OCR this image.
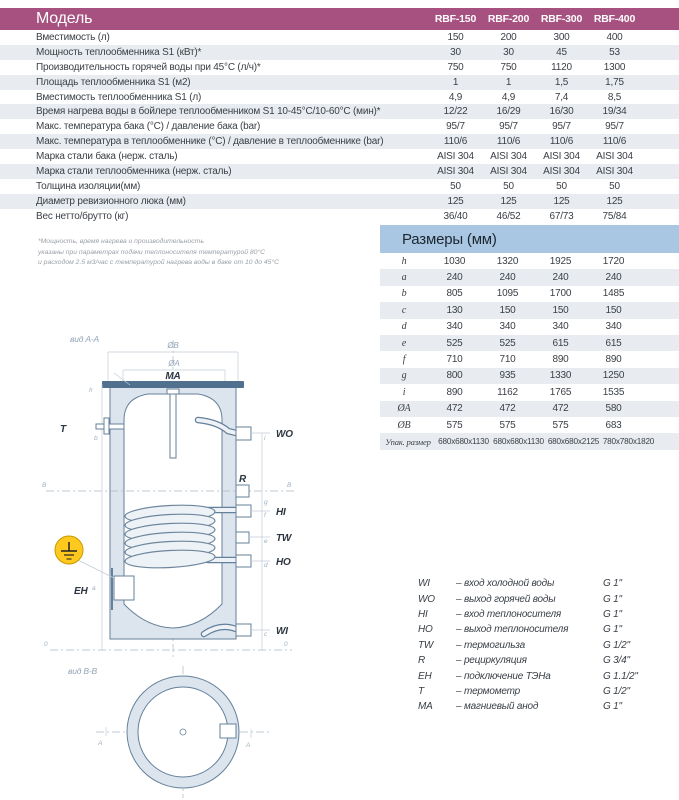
Модель	RBF-150	RBF-200	RBF-300	RBF-400
Вместимость (л)	150	200	300	400
Мощность теплообменника S1 (кВт)*	30	30	45	53
Производительность горячей воды при 45°С (л/ч)*	750	750	1120	1300
Площадь теплообменника S1 (м2)	1	1	1,5	1,75
Вместимость теплообменника S1 (л)	4,9	4,9	7,4	8,5
Время нагрева воды в бойлере теплообменником S1 10-45°С/10-60°С (мин)*	12/22	16/29	16/30	19/34
Макс. температура бака (°С) / давление бака (bar)	95/7	95/7	95/7	95/7
Макс. температура в теплообменнике (°С) / давление в теплообменнике (bar)	110/6	110/6	110/6	110/6
Марка стали бака (нерж. сталь)	AISI 304	AISI 304	AISI 304	AISI 304
Марка стали теплообменника (нерж. сталь)	AISI 304	AISI 304	AISI 304	AISI 304
Толщина изоляции(мм)	50	50	50	50
Диаметр ревизионного люка (мм)	125	125	125	125
Вес нетто/брутто (кг)	36/40	46/52	67/73	75/84
*Мощность, время нагрева и производительность
указаны при параметрах подачи теплоносителя температурой 80°С
и расходом 2.5 м3/час с температурой нагрева воды в баке от 10 до 45°С
Размеры (мм)
h	1030	1320	1925	1720
a	240	240	240	240
b	805	1095	1700	1485
c	130	150	150	150
d	340	340	340	340
e	525	525	615	615
f	710	710	890	890
g	800	935	1330	1250
i	890	1162	1765	1535
ØA	472	472	472	580
ØB	575	575	575	683
Упак. размер 680x680x1130 680x680x1130 680x680x2125 780x780x1820
вид A-A
ØB
ØA
MA
h
b
a
T
i WO
B	B
R
g
f HI
e TW
d HO
EH
c WI
0	0
вид B-B
A	A
WI	– вход холодной воды	G 1"
WO	– выход горячей воды	G 1"
HI	– вход теплоносителя	G 1"
HO	– выход теплоносителя	G 1"
TW	– термогильза	G 1/2"
R	– рециркуляция	G 3/4"
EH	– подключение ТЭНа	G 1.1/2"
T	– термометр	G 1/2"
MA	– магниевый анод	G 1"
